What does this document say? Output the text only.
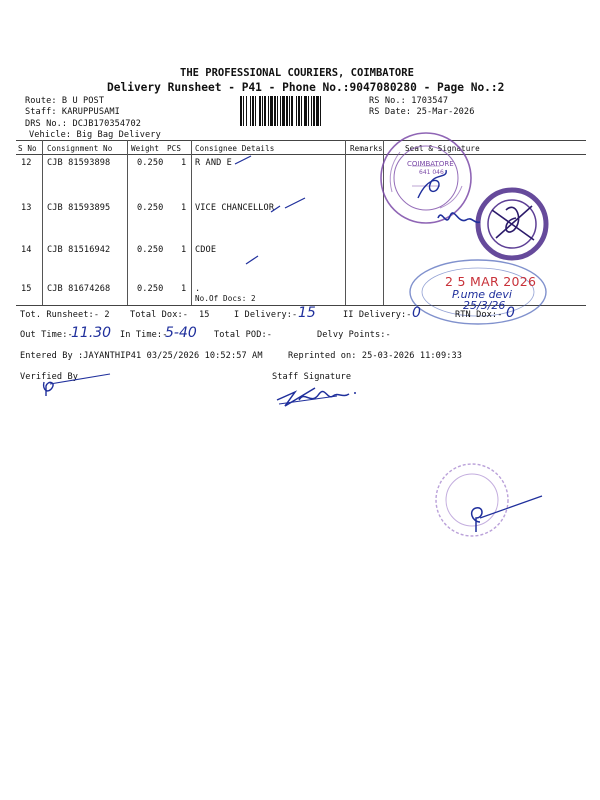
THE PROFESSIONAL COURIERS, COIMBATORE
Delivery Runsheet - P41 - Phone No.:9047080280 - Page No.:2
Route: B U POST
Staff: KARUPPUSAMI
DRS No.: DCJB170354702
Vehicle: Big Bag Delivery
RS No.: 1703547
RS Date: 25-Mar-2026
S No Consignment No Weight PCS Consignee Details	Remarks	Seal & Signature
12 CJB 81593898	0.250 1 R AND E
13 CJB 81593895	0.250 1 VICE CHANCELLOR
14 CJB 81516942	0.250 1 CDOE
15 CJB 81674268	0.250 1 .
No.Of Docs: 2
COIMBATORE
641 046
2 5 MAR 2026
P.ume devi
25/3/26
Tot. Runsheet:- 2 Total Dox:- 15	I Delivery:- 15	II Delivery:- 0	RTN Dox:- 0
Out Time:-
11.30 In Time:-
5-40 Total POD:-	Delvy Points:-
Entered By :JAYANTHIP41 03/25/2026 10:52:57 AM	Reprinted on: 25-03-2026 11:09:33
Verified By	Staff Signature
